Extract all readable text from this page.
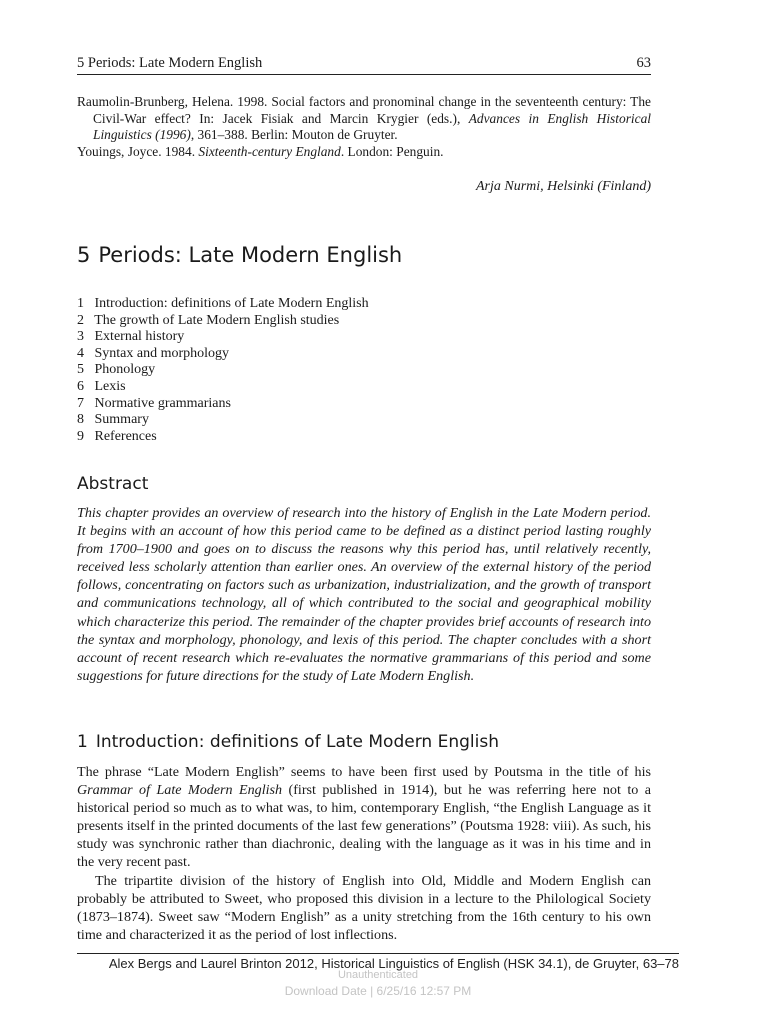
5 Periods: Late Modern English	63
Raumolin-Brunberg, Helena. 1998. Social factors and pronominal change in the seventeenth century: The Civil-War effect? In: Jacek Fisiak and Marcin Krygier (eds.), Advances in English Historical Linguistics (1996), 361–388. Berlin: Mouton de Gruyter.
Youings, Joyce. 1984. Sixteenth-century England. London: Penguin.
Arja Nurmi, Helsinki (Finland)
5 Periods: Late Modern English
1 Introduction: definitions of Late Modern English
2 The growth of Late Modern English studies
3 External history
4 Syntax and morphology
5 Phonology
6 Lexis
7 Normative grammarians
8 Summary
9 References
Abstract

This chapter provides an overview of research into the history of English in the Late Modern period. It begins with an account of how this period came to be defined as a distinct period lasting roughly from 1700–1900 and goes on to discuss the reasons why this period has, until relatively recently, received less scholarly attention than earlier ones. An overview of the external history of the period follows, concentrating on factors such as urbanization, industrialization, and the growth of transport and communications technology, all of which contributed to the social and geographical mobility which characterize this period. The remainder of the chapter provides brief accounts of research into the syntax and morphology, phonology, and lexis of this period. The chapter concludes with a short account of recent research which re-evaluates the normative grammarians of this period and some suggestions for future directions for the study of Late Modern English.

1 Introduction: definitions of Late Modern English

The phrase “Late Modern English” seems to have been first used by Poutsma in the title of his Grammar of Late Modern English (first published in 1914), but he was referring here not to a historical period so much as to what was, to him, contemporary English, “the English Language as it presents itself in the printed documents of the last few generations” (Poutsma 1928: viii). As such, his study was synchronic rather than diachronic, dealing with the language as it was in his time and in the very recent past.

The tripartite division of the history of English into Old, Middle and Modern English can probably be attributed to Sweet, who proposed this division in a lecture to the Philological Society (1873–1874). Sweet saw “Modern English” as a unity stretching from the 16th century to his own time and characterized it as the period of lost inflections.

Alex Bergs and Laurel Brinton 2012, Historical Linguistics of English (HSK 34.1), de Gruyter, 63–78
Unauthenticated
Download Date | 6/25/16 12:57 PM
